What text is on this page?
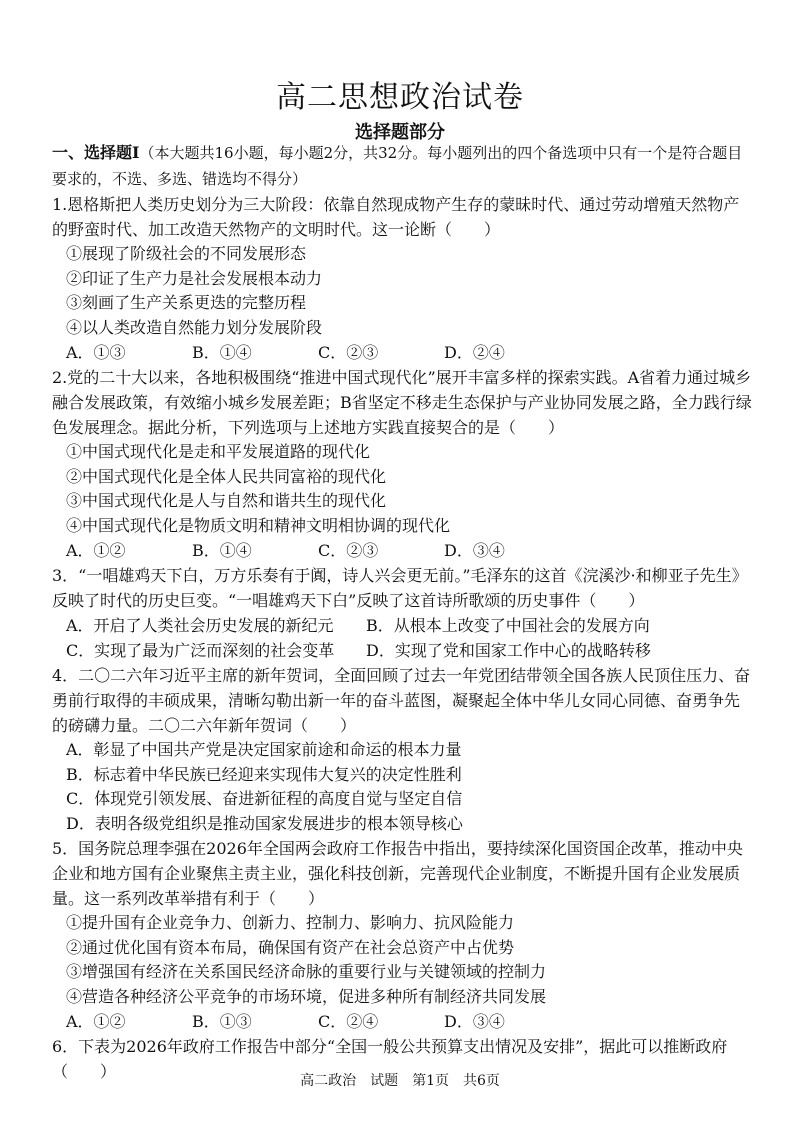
高二思想政治试卷
选择题部分

一、选择题Ⅰ（本大题共16小题，每小题2分，共32分。每小题列出的四个备选项中只有一个是符合题目要求的，不选、多选、错选均不得分）

1.恩格斯把人类历史划分为三大阶段：依靠自然现成物产生存的蒙昧时代、通过劳动增殖天然物产的野蛮时代、加工改造天然物产的文明时代。这一论断（　　）

①展现了阶级社会的不同发展形态

②印证了生产力是社会发展根本动力

③刻画了生产关系更迭的完整历程

④以人类改造自然能力划分发展阶段

A．①③	B．①④	C．②③	D．②④

2.党的二十大以来，各地积极围绕“推进中国式现代化”展开丰富多样的探索实践。A省着力通过城乡融合发展政策，有效缩小城乡发展差距；B省坚定不移走生态保护与产业协同发展之路，全力践行绿色发展理念。据此分析，下列选项与上述地方实践直接契合的是（　　）

①中国式现代化是走和平发展道路的现代化

②中国式现代化是全体人民共同富裕的现代化

③中国式现代化是人与自然和谐共生的现代化

④中国式现代化是物质文明和精神文明相协调的现代化

A．①②	B．①④	C．②③	D．③④

3．“一唱雄鸡天下白，万方乐奏有于阗，诗人兴会更无前。”毛泽东的这首《浣溪沙·和柳亚子先生》反映了时代的历史巨变。“一唱雄鸡天下白”反映了这首诗所歌颂的历史事件（　　）

A．开启了人类社会历史发展的新纪元	B．从根本上改变了中国社会的发展方向
C．实现了最为广泛而深刻的社会变革	D．实现了党和国家工作中心的战略转移

4．二〇二六年习近平主席的新年贺词，全面回顾了过去一年党团结带领全国各族人民顶住压力、奋勇前行取得的丰硕成果，清晰勾勒出新一年的奋斗蓝图，凝聚起全体中华儿女同心同德、奋勇争先的磅礴力量。二〇二六年新年贺词（　　）

A．彰显了中国共产党是决定国家前途和命运的根本力量

B．标志着中华民族已经迎来实现伟大复兴的决定性胜利

C．体现党引领发展、奋进新征程的高度自觉与坚定自信

D．表明各级党组织是推动国家发展进步的根本领导核心

5．国务院总理李强在2026年全国两会政府工作报告中指出，要持续深化国资国企改革，推动中央企业和地方国有企业聚焦主责主业，强化科技创新，完善现代企业制度，不断提升国有企业发展质量。这一系列改革举措有利于（　　）

①提升国有企业竞争力、创新力、控制力、影响力、抗风险能力

②通过优化国有资本布局，确保国有资产在社会总资产中占优势

③增强国有经济在关系国民经济命脉的重要行业与关键领域的控制力

④营造各种经济公平竞争的市场环境，促进多种所有制经济共同发展

A．①②	B．①③	C．②④	D．③④

6．下表为2026年政府工作报告中部分“全国一般公共预算支出情况及安排”，据此可以推断政府（　　）	高二政治　试题　第1页　共6页
